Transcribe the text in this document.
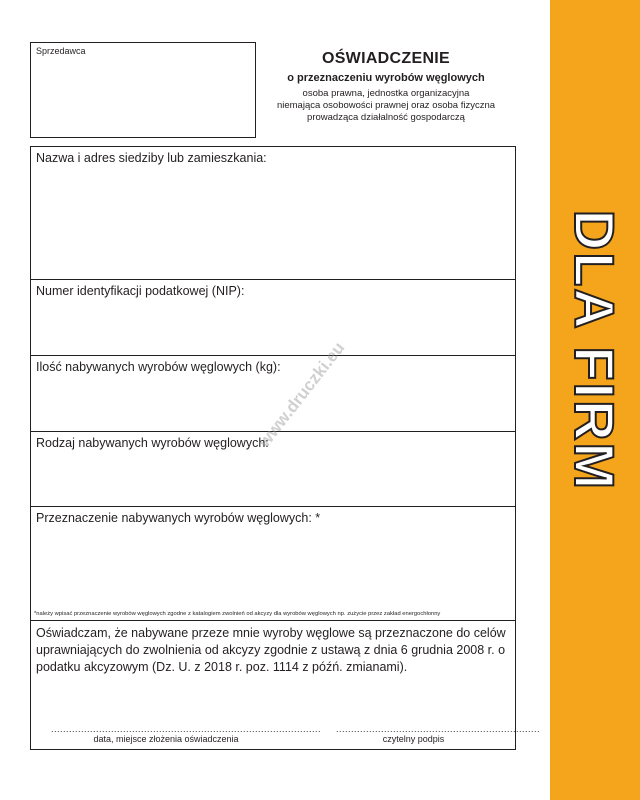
DLA FIRM
Sprzedawca	OŚWIADCZENIE
o przeznaczeniu wyrobów węglowych
osoba prawna, jednostka organizacyjna
niemająca osobowości prawnej oraz osoba fizyczna
prowadząca działalność gospodarczą
Nazwa i adres siedziby lub zamieszkania:
Numer identyfikacji podatkowej (NIP):
Ilość nabywanych wyrobów węglowych (kg):
Rodzaj nabywanych wyrobów węglowych:
Przeznaczenie nabywanych wyrobów węglowych: *
*należy wpisać przeznaczenie wyrobów węglowych zgodne z katalogiem zwolnień od akcyzy dla wyrobów węglowych np. zużycie przez zakład energochłonny
Oświadczam, że nabywane przeze mnie wyroby węglowe są przeznaczone do celów uprawniających do zwolnienia od akcyzy zgodnie z ustawą z dnia 6 grudnia 2008 r. o podatku akcyzowym (Dz. U. z 2018 r. poz. 1114 z późń. zmianami).
..........................................................................................
data, miejsce złożenia oświadczenia
....................................................................
czytelny podpis
www.druczki.eu
